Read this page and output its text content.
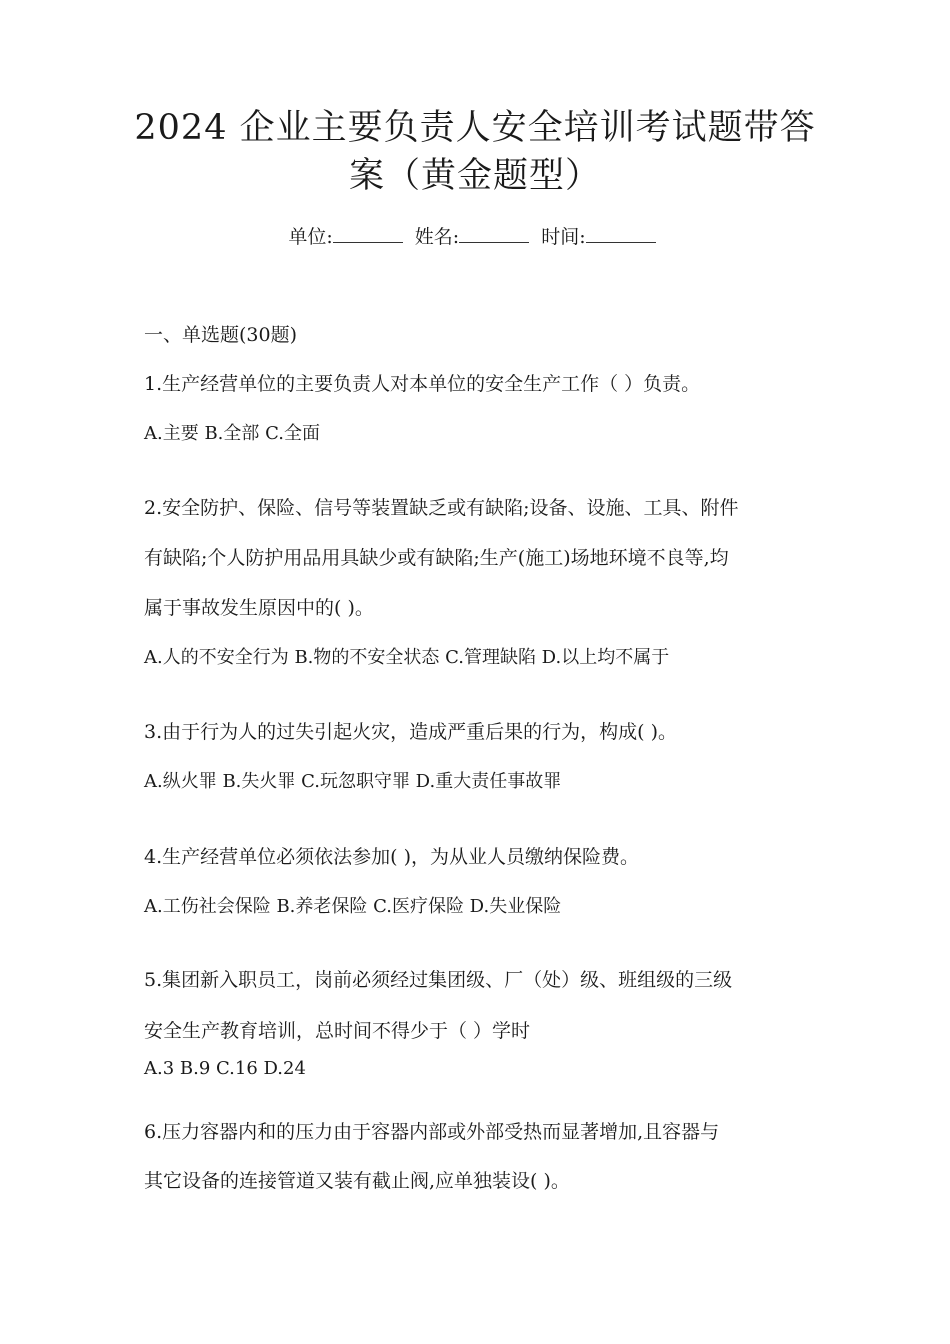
2024 企业主要负责人安全培训考试题带答
案（黄金题型）
单位:	姓名:	时间:
一、单选题(30题)
1.生产经营单位的主要负责人对本单位的安全生产工作（ ）负责。
A.主要 B.全部 C.全面
2.安全防护、保险、信号等装置缺乏或有缺陷;设备、设施、工具、附件
有缺陷;个人防护用品用具缺少或有缺陷;生产(施工)场地环境不良等,均
属于事故发生原因中的( )。
A.人的不安全行为 B.物的不安全状态 C.管理缺陷 D.以上均不属于
3.由于行为人的过失引起火灾，造成严重后果的行为，构成( )。
A.纵火罪 B.失火罪 C.玩忽职守罪 D.重大责任事故罪
4.生产经营单位必须依法参加( )，为从业人员缴纳保险费。
A.工伤社会保险 B.养老保险 C.医疗保险 D.失业保险
5.集团新入职员工，岗前必须经过集团级、厂（处）级、班组级的三级
安全生产教育培训，总时间不得少于（ ）学时
A.3 B.9 C.16 D.24
6.压力容器内和的压力由于容器内部或外部受热而显著增加,且容器与
其它设备的连接管道又装有截止阀,应单独装设( )。
